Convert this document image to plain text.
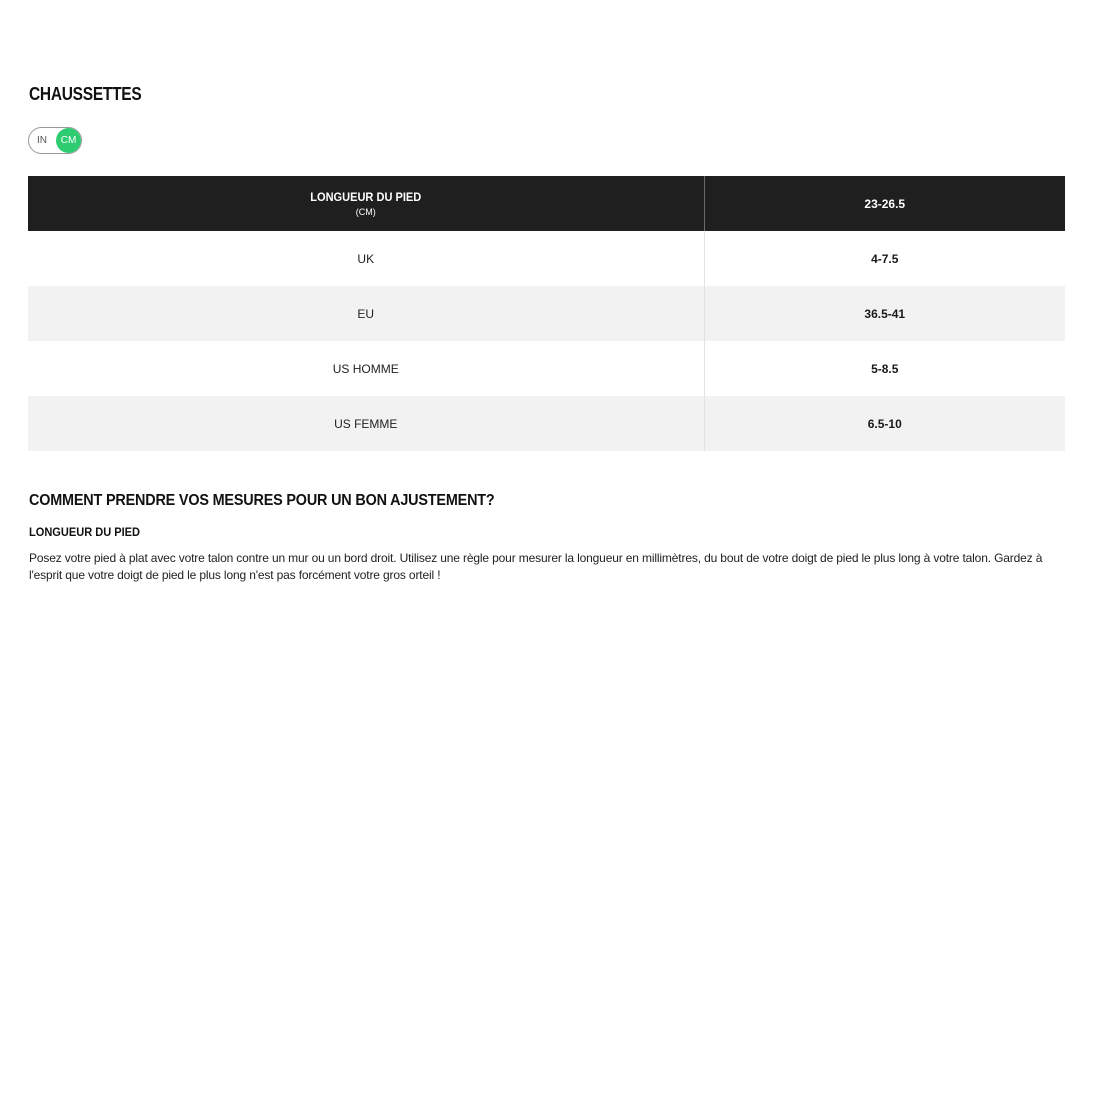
CHAUSSETTES
IN	CM
LONGUEUR DU PIED
(CM)	23-26.5
UK	4-7.5
EU	36.5-41
US HOMME	5-8.5
US FEMME	6.5-10
COMMENT PRENDRE VOS MESURES POUR UN BON AJUSTEMENT?
LONGUEUR DU PIED

Posez votre pied à plat avec votre talon contre un mur ou un bord droit. Utilisez une règle pour mesurer la longueur en millimètres, du bout de votre doigt de pied le plus long à votre talon. Gardez à l'esprit que votre doigt de pied le plus long n'est pas forcément votre gros orteil !
